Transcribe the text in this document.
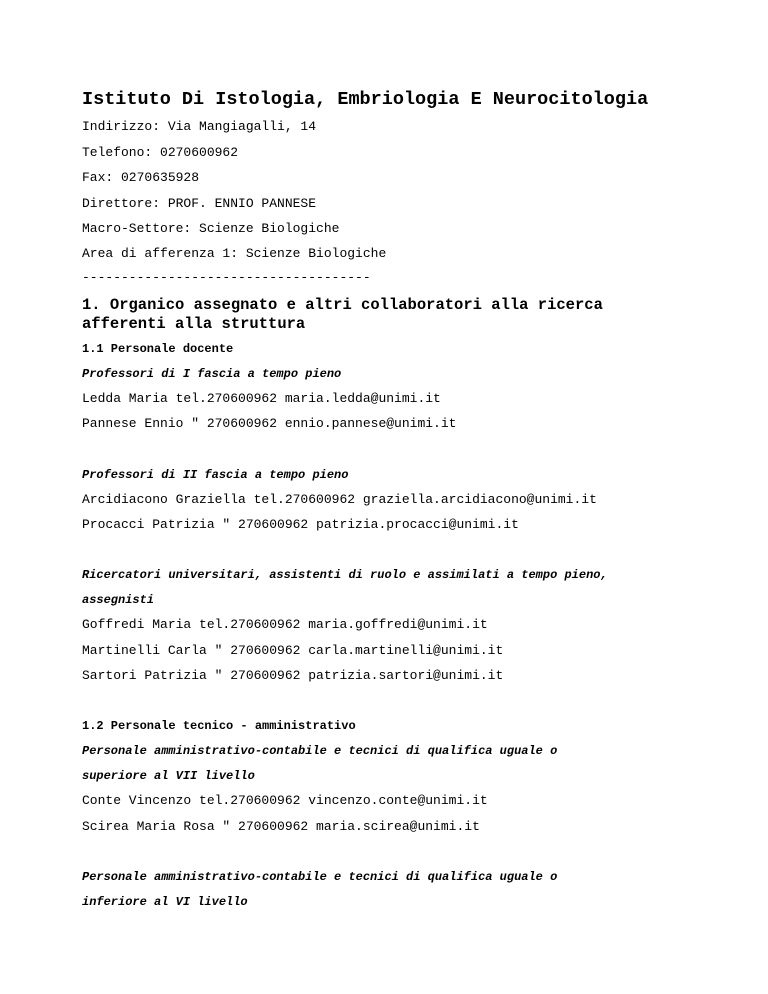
Istituto Di Istologia, Embriologia E Neurocitologia
Indirizzo: Via Mangiagalli, 14
Telefono: 0270600962
Fax: 0270635928
Direttore: PROF. ENNIO PANNESE
Macro-Settore: Scienze Biologiche
Area di afferenza 1: Scienze Biologiche
-------------------------------------
1. Organico assegnato e altri collaboratori alla ricerca afferenti alla struttura
1.1 Personale docente
Professori di I fascia a tempo pieno
Ledda Maria tel.270600962 maria.ledda@unimi.it
Pannese Ennio " 270600962 ennio.pannese@unimi.it
Professori di II fascia a tempo pieno
Arcidiacono Graziella tel.270600962 graziella.arcidiacono@unimi.it
Procacci Patrizia " 270600962 patrizia.procacci@unimi.it
Ricercatori universitari, assistenti di ruolo e assimilati a tempo pieno,
assegnisti
Goffredi Maria tel.270600962 maria.goffredi@unimi.it
Martinelli Carla " 270600962 carla.martinelli@unimi.it
Sartori Patrizia " 270600962 patrizia.sartori@unimi.it
1.2 Personale tecnico - amministrativo
Personale amministrativo-contabile e tecnici di qualifica uguale o
superiore al VII livello
Conte Vincenzo tel.270600962 vincenzo.conte@unimi.it
Scirea Maria Rosa " 270600962 maria.scirea@unimi.it
Personale amministrativo-contabile e tecnici di qualifica uguale o
inferiore al VI livello
